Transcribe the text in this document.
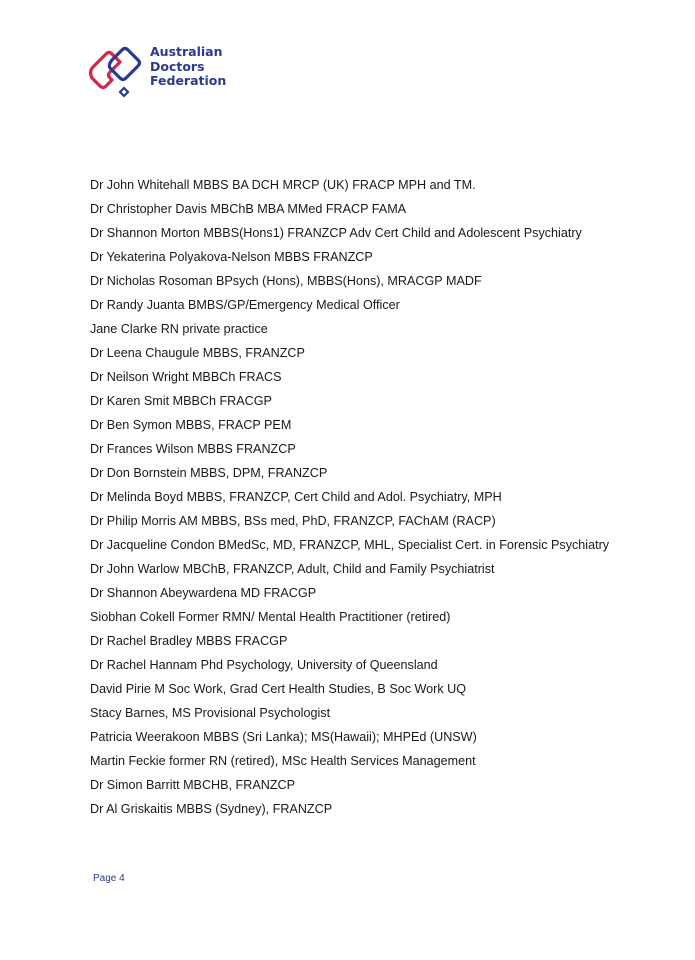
Australian
Doctors
Federation
Dr John Whitehall MBBS BA DCH MRCP (UK) FRACP MPH and TM.
Dr Christopher Davis MBChB MBA MMed FRACP FAMA
Dr Shannon Morton MBBS(Hons1) FRANZCP Adv Cert Child and Adolescent Psychiatry
Dr Yekaterina Polyakova-Nelson MBBS FRANZCP
Dr Nicholas Rosoman BPsych (Hons), MBBS(Hons), MRACGP MADF
Dr Randy Juanta BMBS/GP/Emergency Medical Officer
Jane Clarke RN private practice
Dr Leena Chaugule MBBS, FRANZCP
Dr Neilson Wright MBBCh FRACS
Dr Karen Smit MBBCh FRACGP
Dr Ben Symon MBBS, FRACP PEM
Dr Frances Wilson MBBS FRANZCP
Dr Don Bornstein MBBS, DPM, FRANZCP
Dr Melinda Boyd MBBS, FRANZCP, Cert Child and Adol. Psychiatry, MPH
Dr Philip Morris AM MBBS, BSs med, PhD, FRANZCP, FAChAM (RACP)
Dr Jacqueline Condon BMedSc, MD, FRANZCP, MHL, Specialist Cert. in Forensic Psychiatry
Dr John Warlow MBChB, FRANZCP, Adult, Child and Family Psychiatrist
Dr Shannon Abeywardena MD FRACGP
Siobhan Cokell Former RMN/ Mental Health Practitioner (retired)
Dr Rachel Bradley MBBS FRACGP
Dr Rachel Hannam Phd Psychology, University of Queensland
David Pirie M Soc Work, Grad Cert Health Studies, B Soc Work UQ
Stacy Barnes, MS Provisional Psychologist
Patricia Weerakoon MBBS (Sri Lanka); MS(Hawaii); MHPEd (UNSW)
Martin Feckie former RN (retired), MSc Health Services Management
Dr Simon Barritt MBCHB, FRANZCP
Dr Al Griskaitis MBBS (Sydney), FRANZCP
Page 4
